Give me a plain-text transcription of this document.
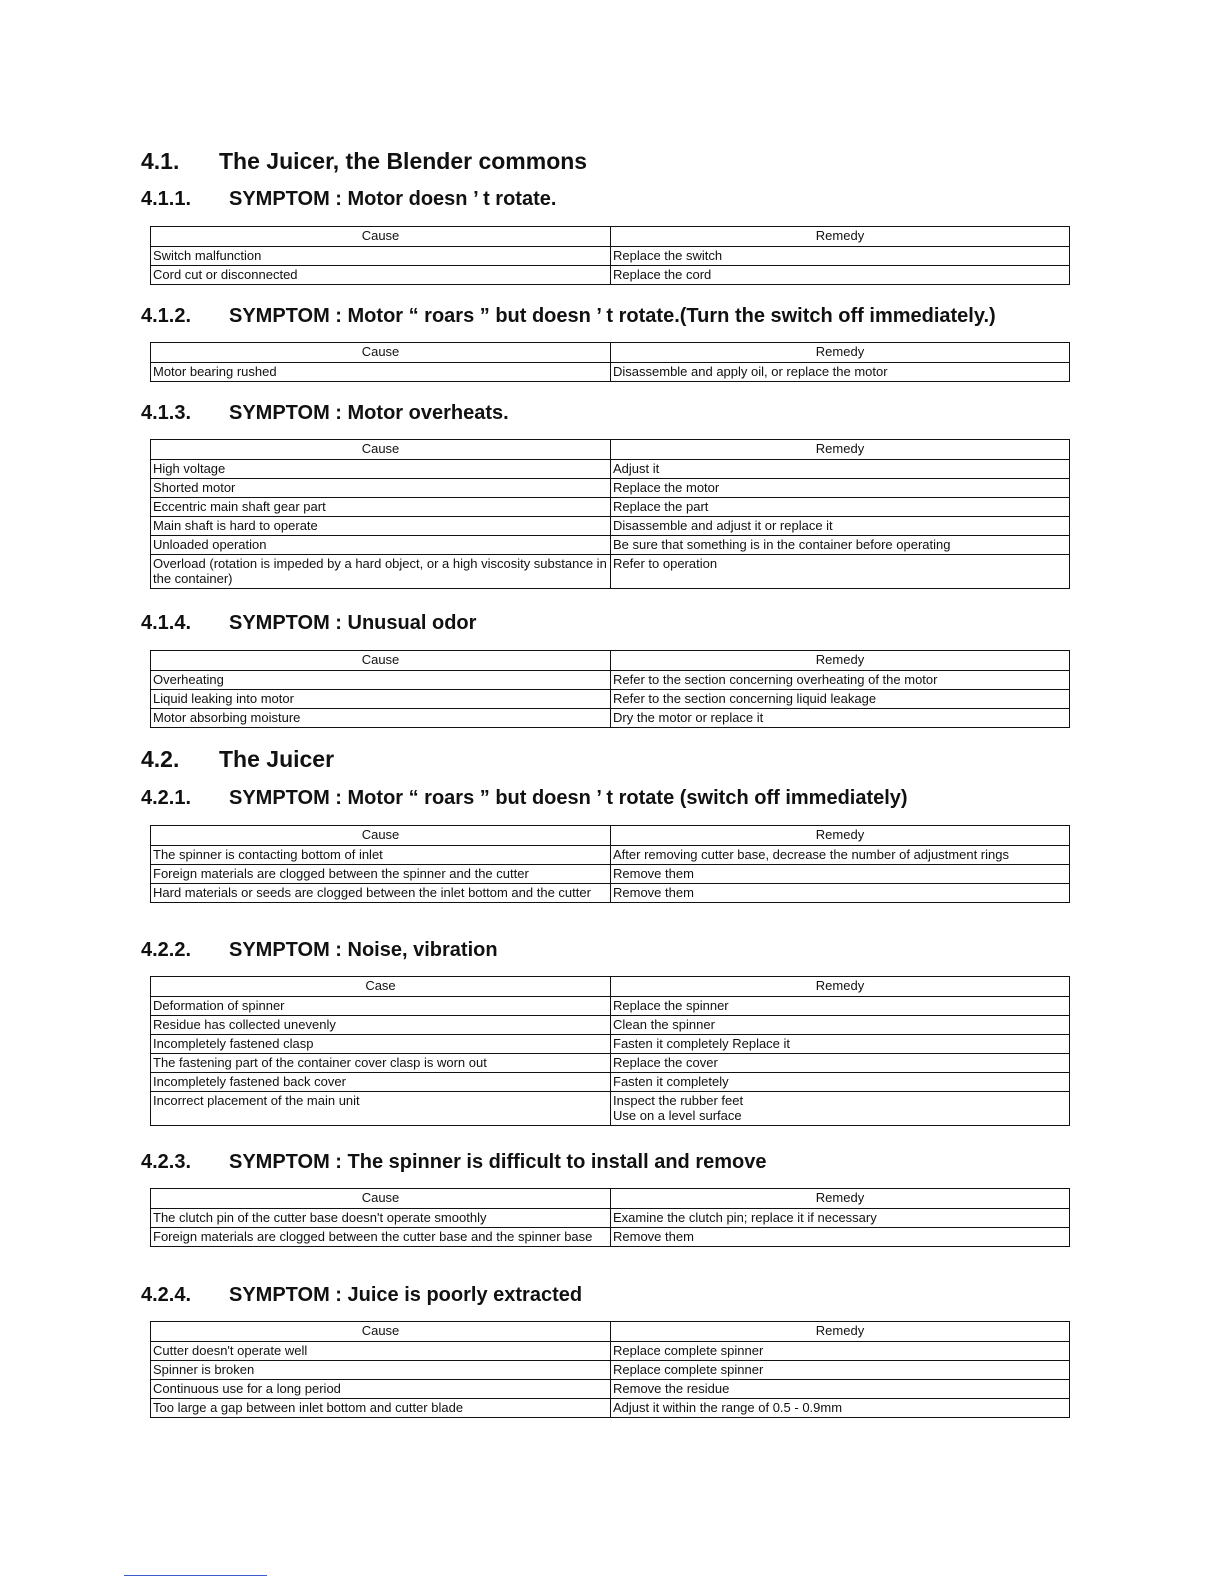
4.1. The Juicer, the Blender commons
4.1.1. SYMPTOM : Motor doesn ’ t rotate.
Cause	Remedy
Switch malfunction	Replace the switch
Cord cut or disconnected	Replace the cord
4.1.2. SYMPTOM : Motor “ roars ” but doesn ’ t rotate.(Turn the switch off immediately.)
Cause	Remedy
Motor bearing rushed	Disassemble and apply oil, or replace the motor
4.1.3. SYMPTOM : Motor overheats.
Cause	Remedy
High voltage	Adjust it
Shorted motor	Replace the motor
Eccentric main shaft gear part	Replace the part
Main shaft is hard to operate	Disassemble and adjust it or replace it
Unloaded operation	Be sure that something is in the container before operating
Overload (rotation is impeded by a hard object, or a high viscosity substance in the container)	Refer to operation
4.1.4. SYMPTOM : Unusual odor
Cause	Remedy
Overheating	Refer to the section concerning overheating of the motor
Liquid leaking into motor	Refer to the section concerning liquid leakage
Motor absorbing moisture	Dry the motor or replace it
4.2. The Juicer
4.2.1. SYMPTOM : Motor “ roars ” but doesn ’ t rotate (switch off immediately)
Cause	Remedy
The spinner is contacting bottom of inlet	After removing cutter base, decrease the number of adjustment rings
Foreign materials are clogged between the spinner and the cutter	Remove them
Hard materials or seeds are clogged between the inlet bottom and the cutter	Remove them
4.2.2. SYMPTOM : Noise, vibration
Case	Remedy
Deformation of spinner	Replace the spinner
Residue has collected unevenly	Clean the spinner
Incompletely fastened clasp	Fasten it completely Replace it
The fastening part of the container cover clasp is worn out	Replace the cover
Incompletely fastened back cover	Fasten it completely
Incorrect placement of the main unit	Inspect the rubber feet
Use on a level surface
4.2.3. SYMPTOM : The spinner is difficult to install and remove
Cause	Remedy
The clutch pin of the cutter base doesn't operate smoothly	Examine the clutch pin; replace it if necessary
Foreign materials are clogged between the cutter base and the spinner base	Remove them
4.2.4. SYMPTOM : Juice is poorly extracted
Cause	Remedy
Cutter doesn't operate well	Replace complete spinner
Spinner is broken	Replace complete spinner
Continuous use for a long period	Remove the residue
Too large a gap between inlet bottom and cutter blade	Adjust it within the range of 0.5 - 0.9mm
